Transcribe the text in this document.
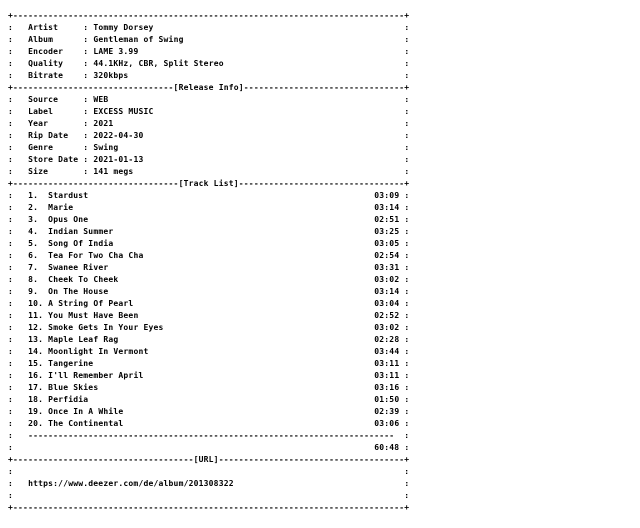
+------------------------------------------------------------------------------+
:   Artist     : Tommy Dorsey	:
:   Album      : Gentleman of Swing	:
:   Encoder    : LAME 3.99	:
:   Quality    : 44.1KHz, CBR, Split Stereo	:
:   Bitrate    : 320kbps	:
+--------------------------------[Release Info]--------------------------------+
:   Source     : WEB	:
:   Label      : EXCESS MUSIC	:
:   Year       : 2021	:
:   Rip Date   : 2022-04-30	:
:   Genre      : Swing	:
:   Store Date : 2021-01-13	:
:   Size       : 141 megs	:
+---------------------------------[Track List]---------------------------------+
:   1. Stardust	03:09 :
:   2. Marie	03:14 :
:   3. Opus One	02:51 :
:   4. Indian Summer	03:25 :
:   5. Song Of India	03:05 :
:   6. Tea For Two Cha Cha	02:54 :
:   7. Swanee River	03:31 :
:   8. Cheek To Cheek	03:02 :
:   9. On The House	03:14 :
:   10. A String Of Pearl	03:04 :
:   11. You Must Have Been	02:52 :
:   12. Smoke Gets In Your Eyes	03:02 :
:   13. Maple Leaf Rag	02:28 :
:   14. Moonlight In Vermont	03:44 :
:   15. Tangerine	03:11 :
:   16. I'll Remember April	03:11 :
:   17. Blue Skies	03:16 :
:   18. Perfidia	01:50 :
:   19. Once In A While	02:39 :
:   20. The Continental	03:06 :
:   -------------------------------------------------------------------------  :
:                                                                        60:48 :
+------------------------------------[URL]-------------------------------------+
:                                                                              :
:   https://www.deezer.com/de/album/201308322	:
:                                                                              :
+------------------------------------------------------------------------------+
